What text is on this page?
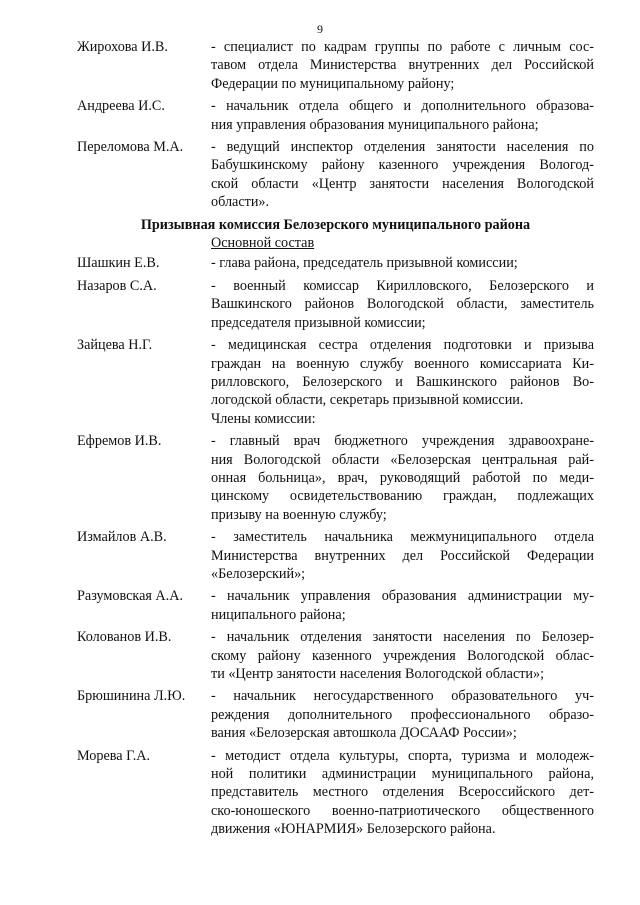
9
Жирохова И.В.	- специалист по кадрам группы по работе с личным сос-
тавом отдела Министерства внутренних дел Российской
Федерации по муниципальному району;
Андреева И.С.	- начальник отдела общего и дополнительного образова-
ния управления образования муниципального района;
Переломова М.А.	- ведущий инспектор отделения занятости населения по
Бабушкинскому району казенного учреждения Вологод-
ской области «Центр занятости населения Вологодской
области».
Призывная комиссия Белозерского муниципального района
Основной состав
Шашкин Е.В.	- глава района, председатель призывной комиссии;
Назаров С.А.	- военный комиссар Кирилловского, Белозерского и
Вашкинского районов Вологодской области, заместитель
председателя призывной комиссии;
Зайцева Н.Г.	- медицинская сестра отделения подготовки и призыва
граждан на военную службу военного комиссариата Ки-
рилловского, Белозерского и Вашкинского районов Во-
логодской области, секретарь призывной комиссии.
Члены комиссии:
Ефремов И.В.	- главный врач бюджетного учреждения здравоохране-
ния Вологодской области «Белозерская центральная рай-
онная больница», врач, руководящий работой по меди-
цинскому освидетельствованию граждан, подлежащих
призыву на военную службу;
Измайлов А.В.	- заместитель начальника межмуниципального отдела
Министерства внутренних дел Российской Федерации
«Белозерский»;
Разумовская А.А.	- начальник управления образования администрации му-
ниципального района;
Колованов И.В.	- начальник отделения занятости населения по Белозер-
скому району казенного учреждения Вологодской облас-
ти «Центр занятости населения Вологодской области»;
Брюшинина Л.Ю.	- начальник негосударственного образовательного уч-
реждения дополнительного профессионального образо-
вания «Белозерская автошкола ДОСААФ России»;
Морева Г.А.	- методист отдела культуры, спорта, туризма и молодеж-
ной политики администрации муниципального района,
представитель местного отделения Всероссийского дет-
ско-юношеского военно-патриотического общественного
движения «ЮНАРМИЯ» Белозерского района.
